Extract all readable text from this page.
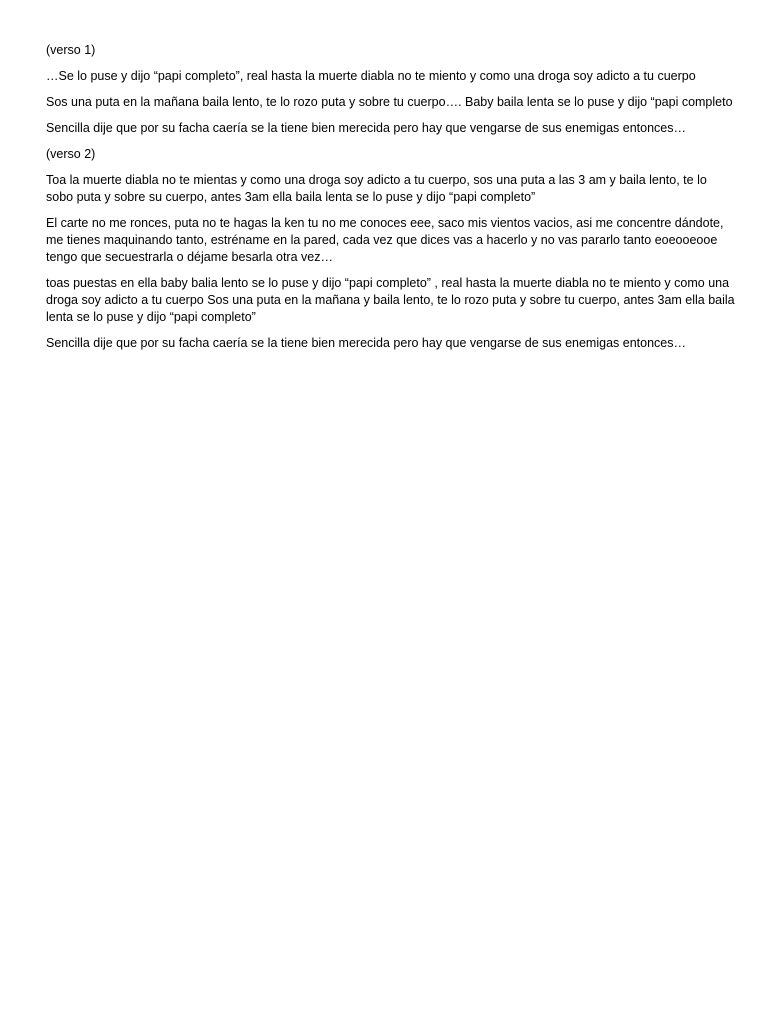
(verso 1)

…Se lo puse y dijo “papi completo”, real hasta la muerte diabla no te miento y como una droga soy adicto a tu cuerpo

Sos una puta en la mañana baila lento, te lo rozo puta y sobre tu cuerpo…. Baby baila lenta se lo puse y dijo “papi completo

Sencilla dije que por su facha caería se la tiene bien merecida pero hay que vengarse de sus enemigas entonces…

(verso 2)

Toa la muerte diabla no te mientas y como una droga soy adicto a tu cuerpo, sos una puta a las 3 am y baila lento, te lo sobo puta y sobre su cuerpo, antes 3am ella baila lenta se lo puse y dijo “papi completo”

El carte no me ronces, puta no te hagas la ken tu no me conoces eee, saco mis vientos vacios, asi me concentre dándote, me tienes maquinando tanto, estréname en la pared, cada vez que dices vas a hacerlo y no vas pararlo tanto eoeooeooe tengo que secuestrarla o déjame besarla otra vez…

toas puestas en ella baby balia lento se lo puse y dijo “papi completo” , real hasta la muerte diabla no te miento y como una droga soy adicto a tu cuerpo Sos una puta en la mañana y baila lento, te lo rozo puta y sobre tu cuerpo, antes 3am ella baila lenta se lo puse y dijo “papi completo”

Sencilla dije que por su facha caería se la tiene bien merecida pero hay que vengarse de sus enemigas entonces…
